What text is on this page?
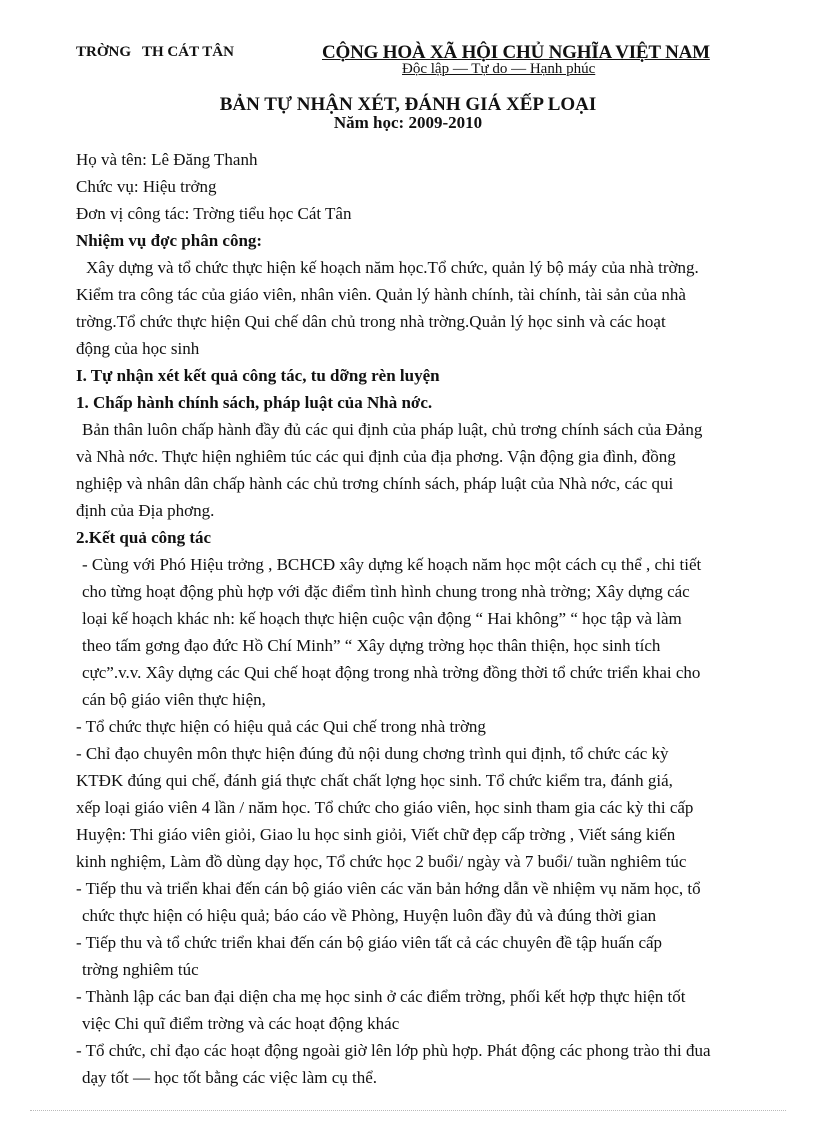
TRỜNG   TH CÁT TÂN	CỘNG HOÀ XÃ HỘI CHỦ NGHĨA VIỆT NAM
Độc lập — Tự do — Hạnh phúc
BẢN TỰ NHẬN XÉT, ĐÁNH GIÁ XẾP LOẠI
Năm học: 2009-2010
Họ và tên: Lê Đăng Thanh
Chức vụ: Hiệu trởng
Đơn vị công tác: Trờng tiểu học Cát Tân
Nhiệm vụ đợc phân công:
Xây dựng và tổ chức thực hiện kế hoạch năm học.Tổ chức, quản lý bộ máy của nhà trờng.
Kiểm tra công tác của giáo viên, nhân viên. Quản lý hành chính, tài chính, tài sản của nhà
trờng.Tổ chức thực hiện Qui chế dân chủ trong nhà trờng.Quản lý học sinh và các hoạt
động của học sinh
I. Tự nhận xét kết quả công tác, tu dỡng rèn luyện
1. Chấp hành chính sách, pháp luật của Nhà nớc.
Bản thân luôn chấp hành đầy đủ các qui định của pháp luật, chủ trơng chính sách của Đảng
và Nhà nớc. Thực hiện nghiêm túc các qui định của địa phơng. Vận động gia đình, đồng
nghiệp và nhân dân chấp hành các chủ trơng chính sách, pháp luật của Nhà nớc, các qui
định của Địa phơng.
2.Kết quả công tác
- Cùng với Phó Hiệu trởng , BCHCĐ xây dựng kế hoạch năm học một cách cụ thể , chi tiết
cho từng hoạt động phù hợp với đặc điểm tình hình chung trong nhà trờng; Xây dựng các
loại kế hoạch khác nh: kế hoạch thực hiện cuộc vận động “ Hai không” “ học tập và làm
theo tấm gơng đạo đức Hồ Chí Minh” “ Xây dựng trờng học thân thiện, học sinh tích
cực”.v.v. Xây dựng các Qui chế hoạt động trong nhà trờng đồng thời tổ chức triển khai cho
cán bộ giáo viên thực hiện,
- Tổ chức thực hiện có hiệu quả các Qui chế trong nhà trờng
- Chỉ đạo chuyên môn thực hiện đúng đủ nội dung chơng trình qui định, tổ chức các kỳ
KTĐK đúng qui chế, đánh giá thực chất chất lợng học sinh. Tổ chức kiểm tra, đánh giá,
xếp loại giáo viên 4 lần / năm học. Tổ chức cho giáo viên, học sinh tham gia các kỳ thi cấp
Huyện: Thi giáo viên giỏi, Giao lu học sinh giỏi, Viết chữ đẹp cấp trờng , Viết sáng kiến
kinh nghiệm, Làm đồ dùng dạy học, Tổ chức học 2 buổi/ ngày và 7 buổi/ tuần nghiêm túc
- Tiếp thu và triển khai đến cán bộ giáo viên các văn bản hớng dẫn về nhiệm vụ năm học, tổ
chức thực hiện có hiệu quả; báo cáo về Phòng, Huyện luôn đầy đủ và đúng thời gian
- Tiếp thu và tổ chức triển khai đến cán bộ giáo viên tất cả các chuyên đề tập huấn cấp
trờng nghiêm túc
- Thành lập các ban đại diện cha mẹ học sinh ở các điểm trờng, phối kết hợp thực hiện tốt
việc Chi quĩ điểm trờng và các hoạt động khác
- Tổ chức, chỉ đạo các hoạt động ngoài giờ lên lớp phù hợp. Phát động các phong trào thi đua
dạy tốt — học tốt bằng các việc làm cụ thể.
